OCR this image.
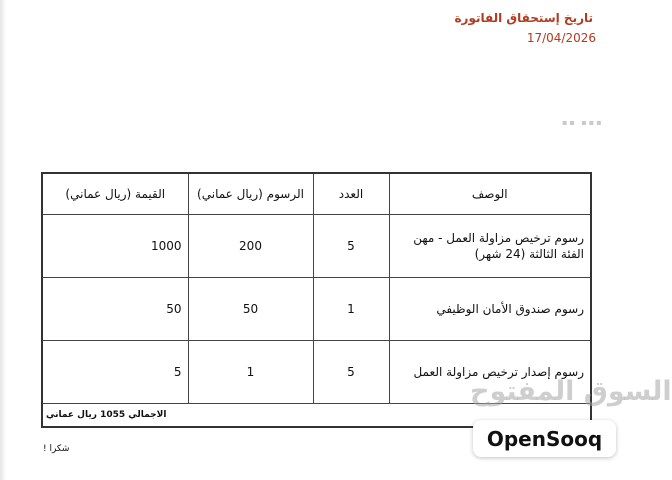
تاريخ إستحقاق الفاتورة
17/04/2026
▪▪ ▪▪▪
القيمة (ريال عماني)	الرسوم (ريال عماني)	العدد	الوصف
1000	200	5	رسوم ترخيص مزاولة العمل - مهن الفئة الثالثة (24 شهر)
50	50	1	رسوم صندوق الأمان الوظيفي
5	1	5	رسوم إصدار ترخيص مزاولة العمل
الاجمالي 1055 ريال عماني			
شكرا !
السوق المفتوح
OpenSooq
